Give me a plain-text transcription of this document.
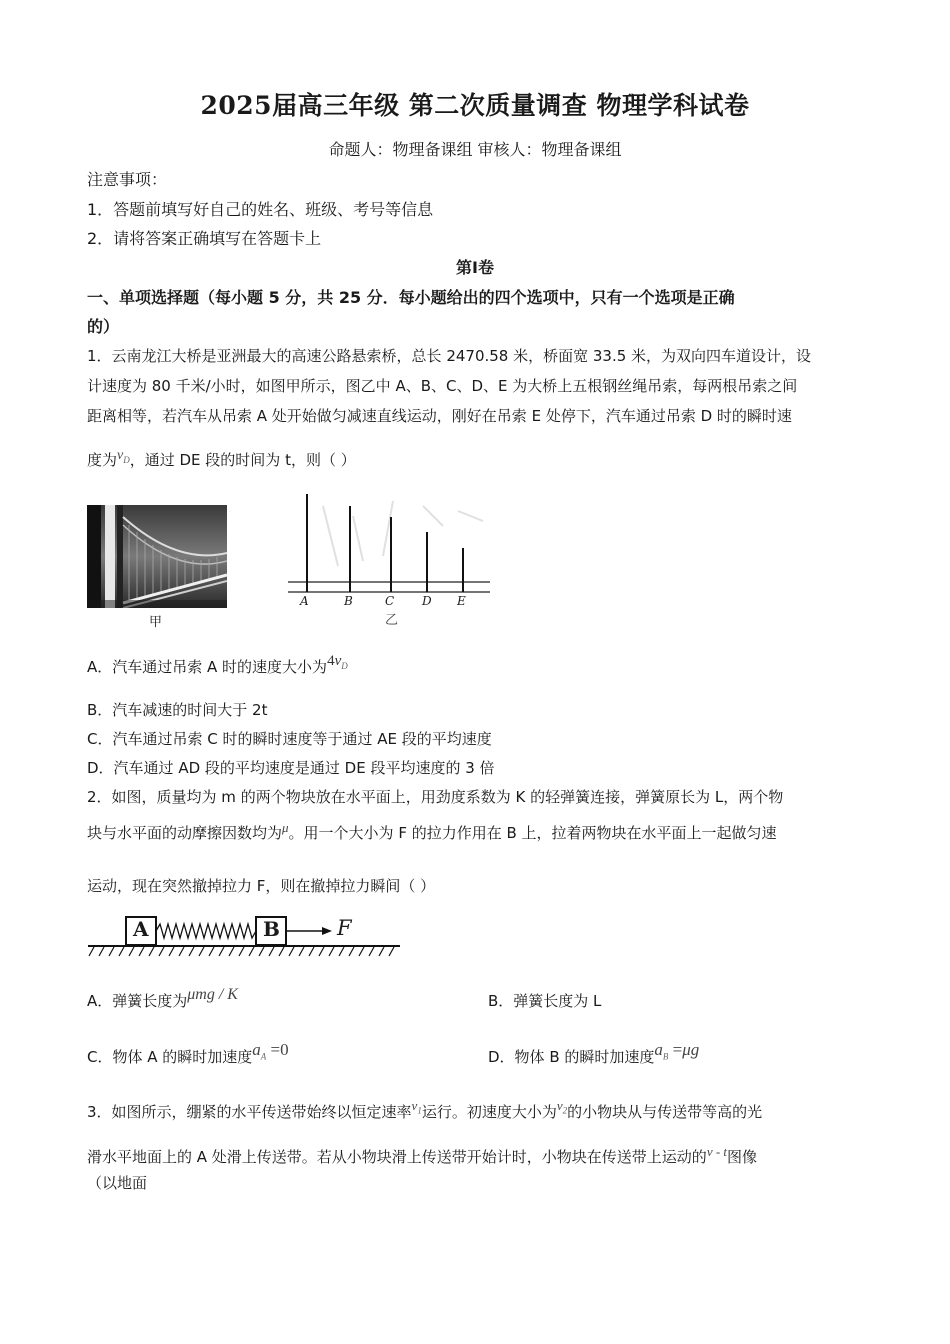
2025届高三年级 第二次质量调查 物理学科试卷
命题人：物理备课组 审核人：物理备课组
注意事项：
1．答题前填写好自己的姓名、班级、考号等信息
2．请将答案正确填写在答题卡上
第Ⅰ卷
一、单项选择题（每小题 5 分，共 25 分．每小题给出的四个选项中，只有一个选项是正确
的）
1．云南龙江大桥是亚洲最大的高速公路悬索桥，总长 2470.58 米，桥面宽 33.5 米，为双向四车道设计，设
计速度为 80 千米/小时，如图甲所示，图乙中 A、B、C、D、E 为大桥上五根钢丝绳吊索，每两根吊索之间
距离相等，若汽车从吊索 A 处开始做匀减速直线运动，刚好在吊索 E 处停下，汽车通过吊索 D 时的瞬时速
度为$v_D$，通过 DE 段的时间为 t，则（ ）
甲
A	B	C D E
乙
A．汽车通过吊索 A 时的速度大小为$4v_D$
B．汽车减速的时间大于 2t
C．汽车通过吊索 C 时的瞬时速度等于通过 AE 段的平均速度
D．汽车通过 AD 段的平均速度是通过 DE 段平均速度的 3 倍
2．如图，质量均为 m 的两个物块放在水平面上，用劲度系数为 K 的轻弹簧连接，弹簧原长为 L，两个物
块与水平面的动摩擦因数均为μ。用一个大小为 F 的拉力作用在 B 上，拉着两物块在水平面上一起做匀速
运动，现在突然撤掉拉力 F，则在撤掉拉力瞬间（ ）
A	B	F
A．弹簧长度为μmg / K	B．弹簧长度为 L
C．物体 A 的瞬时加速度$a_A =0$	D．物体 B 的瞬时加速度$a_B =\mu g$
3．如图所示，绷紧的水平传送带始终以恒定速率$v_1$运行。初速度大小为$v_2$的小物块从与传送带等高的光
滑水平地面上的 A 处滑上传送带。若从小物块滑上传送带开始计时，小物块在传送带上运动的v - t图像
（以地面
